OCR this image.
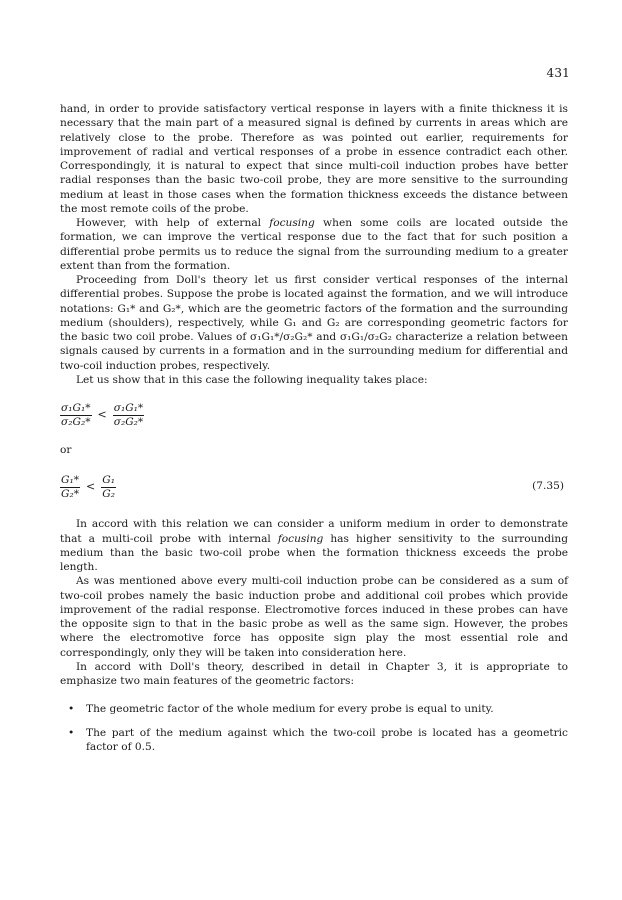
431

hand, in order to provide satisfactory vertical response in layers with a finite thickness it is necessary that the main part of a measured signal is defined by currents in areas which are relatively close to the probe. Therefore as was pointed out earlier, requirements for improvement of radial and vertical responses of a probe in essence contradict each other. Correspondingly, it is natural to expect that since multi-coil induction probes have better radial responses than the basic two-coil probe, they are more sensitive to the surrounding medium at least in those cases when the formation thickness exceeds the distance between the most remote coils of the probe.

However, with help of external focusing when some coils are located outside the formation, we can improve the vertical response due to the fact that for such position a differential probe permits us to reduce the signal from the surrounding medium to a greater extent than from the formation.

Proceeding from Doll's theory let us first consider vertical responses of the internal differential probes. Suppose the probe is located against the formation, and we will introduce notations: G₁* and G₂*, which are the geometric factors of the formation and the surrounding medium (shoulders), respectively, while G₁ and G₂ are corresponding geometric factors for the basic two coil probe. Values of σ₁G₁*/σ₂G₂* and σ₁G₁/σ₂G₂ characterize a relation between signals caused by currents in a formation and in the surrounding medium for differential and two-coil induction probes, respectively.

Let us show that in this case the following inequality takes place:

$\frac{\text{σ₁G₁*}}{\text{σ₂G₂*}} < \frac{\text{σ₁G₁*}}{\text{σ₂G₂*}}$

or

$\frac{\text{G₁*}}{\text{G₂*}} < \frac{\text{G₁}}{\text{G₂}}$	(7.35)

In accord with this relation we can consider a uniform medium in order to demonstrate that a multi-coil probe with internal focusing has higher sensitivity to the surrounding medium than the basic two-coil probe when the formation thickness exceeds the probe length.

As was mentioned above every multi-coil induction probe can be considered as a sum of two-coil probes namely the basic induction probe and additional coil probes which provide improvement of the radial response. Electromotive forces induced in these probes can have the opposite sign to that in the basic probe as well as the same sign. However, the probes where the electromotive force has opposite sign play the most essential role and correspondingly, only they will be taken into consideration here.

In accord with Doll's theory, described in detail in Chapter 3, it is appropriate to emphasize two main features of the geometric factors:

• The geometric factor of the whole medium for every probe is equal to unity.
• The part of the medium against which the two-coil probe is located has a geometric factor of 0.5.
